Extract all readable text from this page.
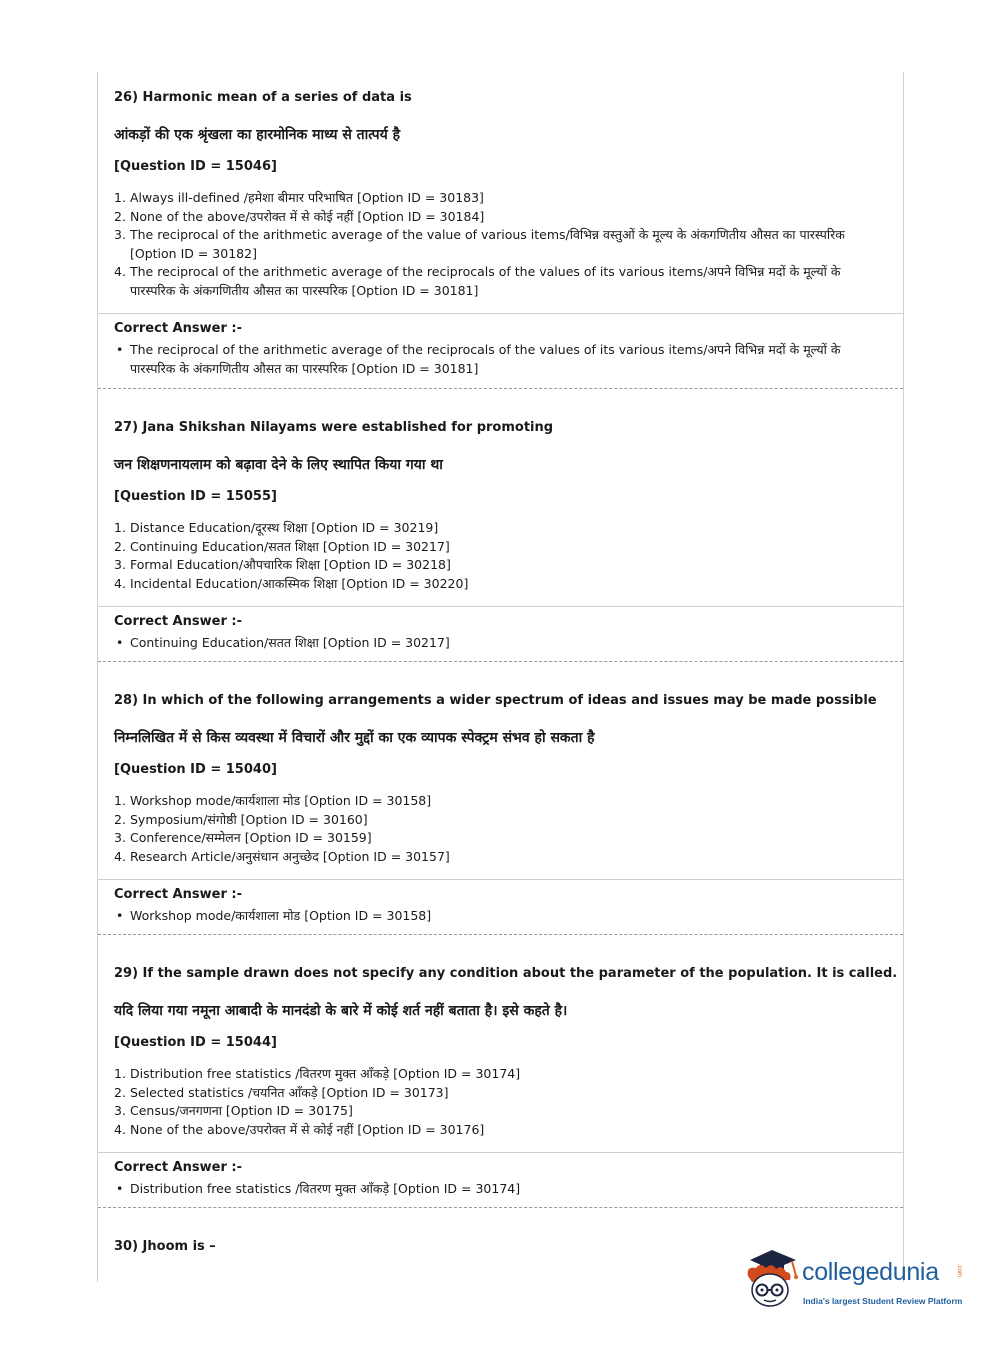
26) Harmonic mean of a series of data is
आंकड़ों की एक श्रृंखला का हारमोनिक माध्य से तात्पर्य है
[Question ID = 15046]
1. Always ill-defined /हमेशा बीमार परिभाषित [Option ID = 30183]
2. None of the above/उपरोक्त में से कोई नहीं [Option ID = 30184]
3. The reciprocal of the arithmetic average of the value of various items/विभिन्न वस्तुओं के मूल्य के अंकगणितीय औसत का पारस्परिक [Option ID = 30182]
4. The reciprocal of the arithmetic average of the reciprocals of the values of its various items/अपने विभिन्न मदों के मूल्यों के पारस्परिक के अंकगणितीय औसत का पारस्परिक [Option ID = 30181]
Correct Answer :-
• The reciprocal of the arithmetic average of the reciprocals of the values of its various items/अपने विभिन्न मदों के मूल्यों के पारस्परिक के अंकगणितीय औसत का पारस्परिक [Option ID = 30181]
27) Jana Shikshan Nilayams were established for promoting
जन शिक्षणनायलाम को बढ़ावा देने के लिए स्थापित किया गया था
[Question ID = 15055]
1. Distance Education/दूरस्थ शिक्षा [Option ID = 30219]
2. Continuing Education/सतत शिक्षा [Option ID = 30217]
3. Formal Education/औपचारिक शिक्षा [Option ID = 30218]
4. Incidental Education/आकस्मिक शिक्षा [Option ID = 30220]
Correct Answer :-
• Continuing Education/सतत शिक्षा [Option ID = 30217]
28) In which of the following arrangements a wider spectrum of ideas and issues may be made possible
निम्नलिखित में से किस व्यवस्था में विचारों और मुद्दों का एक व्यापक स्पेक्ट्रम संभव हो सकता है
[Question ID = 15040]
1. Workshop mode/कार्यशाला मोड [Option ID = 30158]
2. Symposium/संगोष्ठी [Option ID = 30160]
3. Conference/सम्मेलन [Option ID = 30159]
4. Research Article/अनुसंधान अनुच्छेद [Option ID = 30157]
Correct Answer :-
• Workshop mode/कार्यशाला मोड [Option ID = 30158]
29) If the sample drawn does not specify any condition about the parameter of the population. It is called.
यदि लिया गया नमूना आबादी के मानदंडो के बारे में कोई शर्त नहीं बताता है। इसे कहते है।
[Question ID = 15044]
1. Distribution free statistics /वितरण मुक्त आँकड़े [Option ID = 30174]
2. Selected statistics /चयनित आँकड़े [Option ID = 30173]
3. Census/जनगणना [Option ID = 30175]
4. None of the above/उपरोक्त में से कोई नहीं [Option ID = 30176]
Correct Answer :-
• Distribution free statistics /वितरण मुक्त आँकड़े [Option ID = 30174]
30) Jhoom is –
collegedunia	.com
India's largest Student Review Platform
